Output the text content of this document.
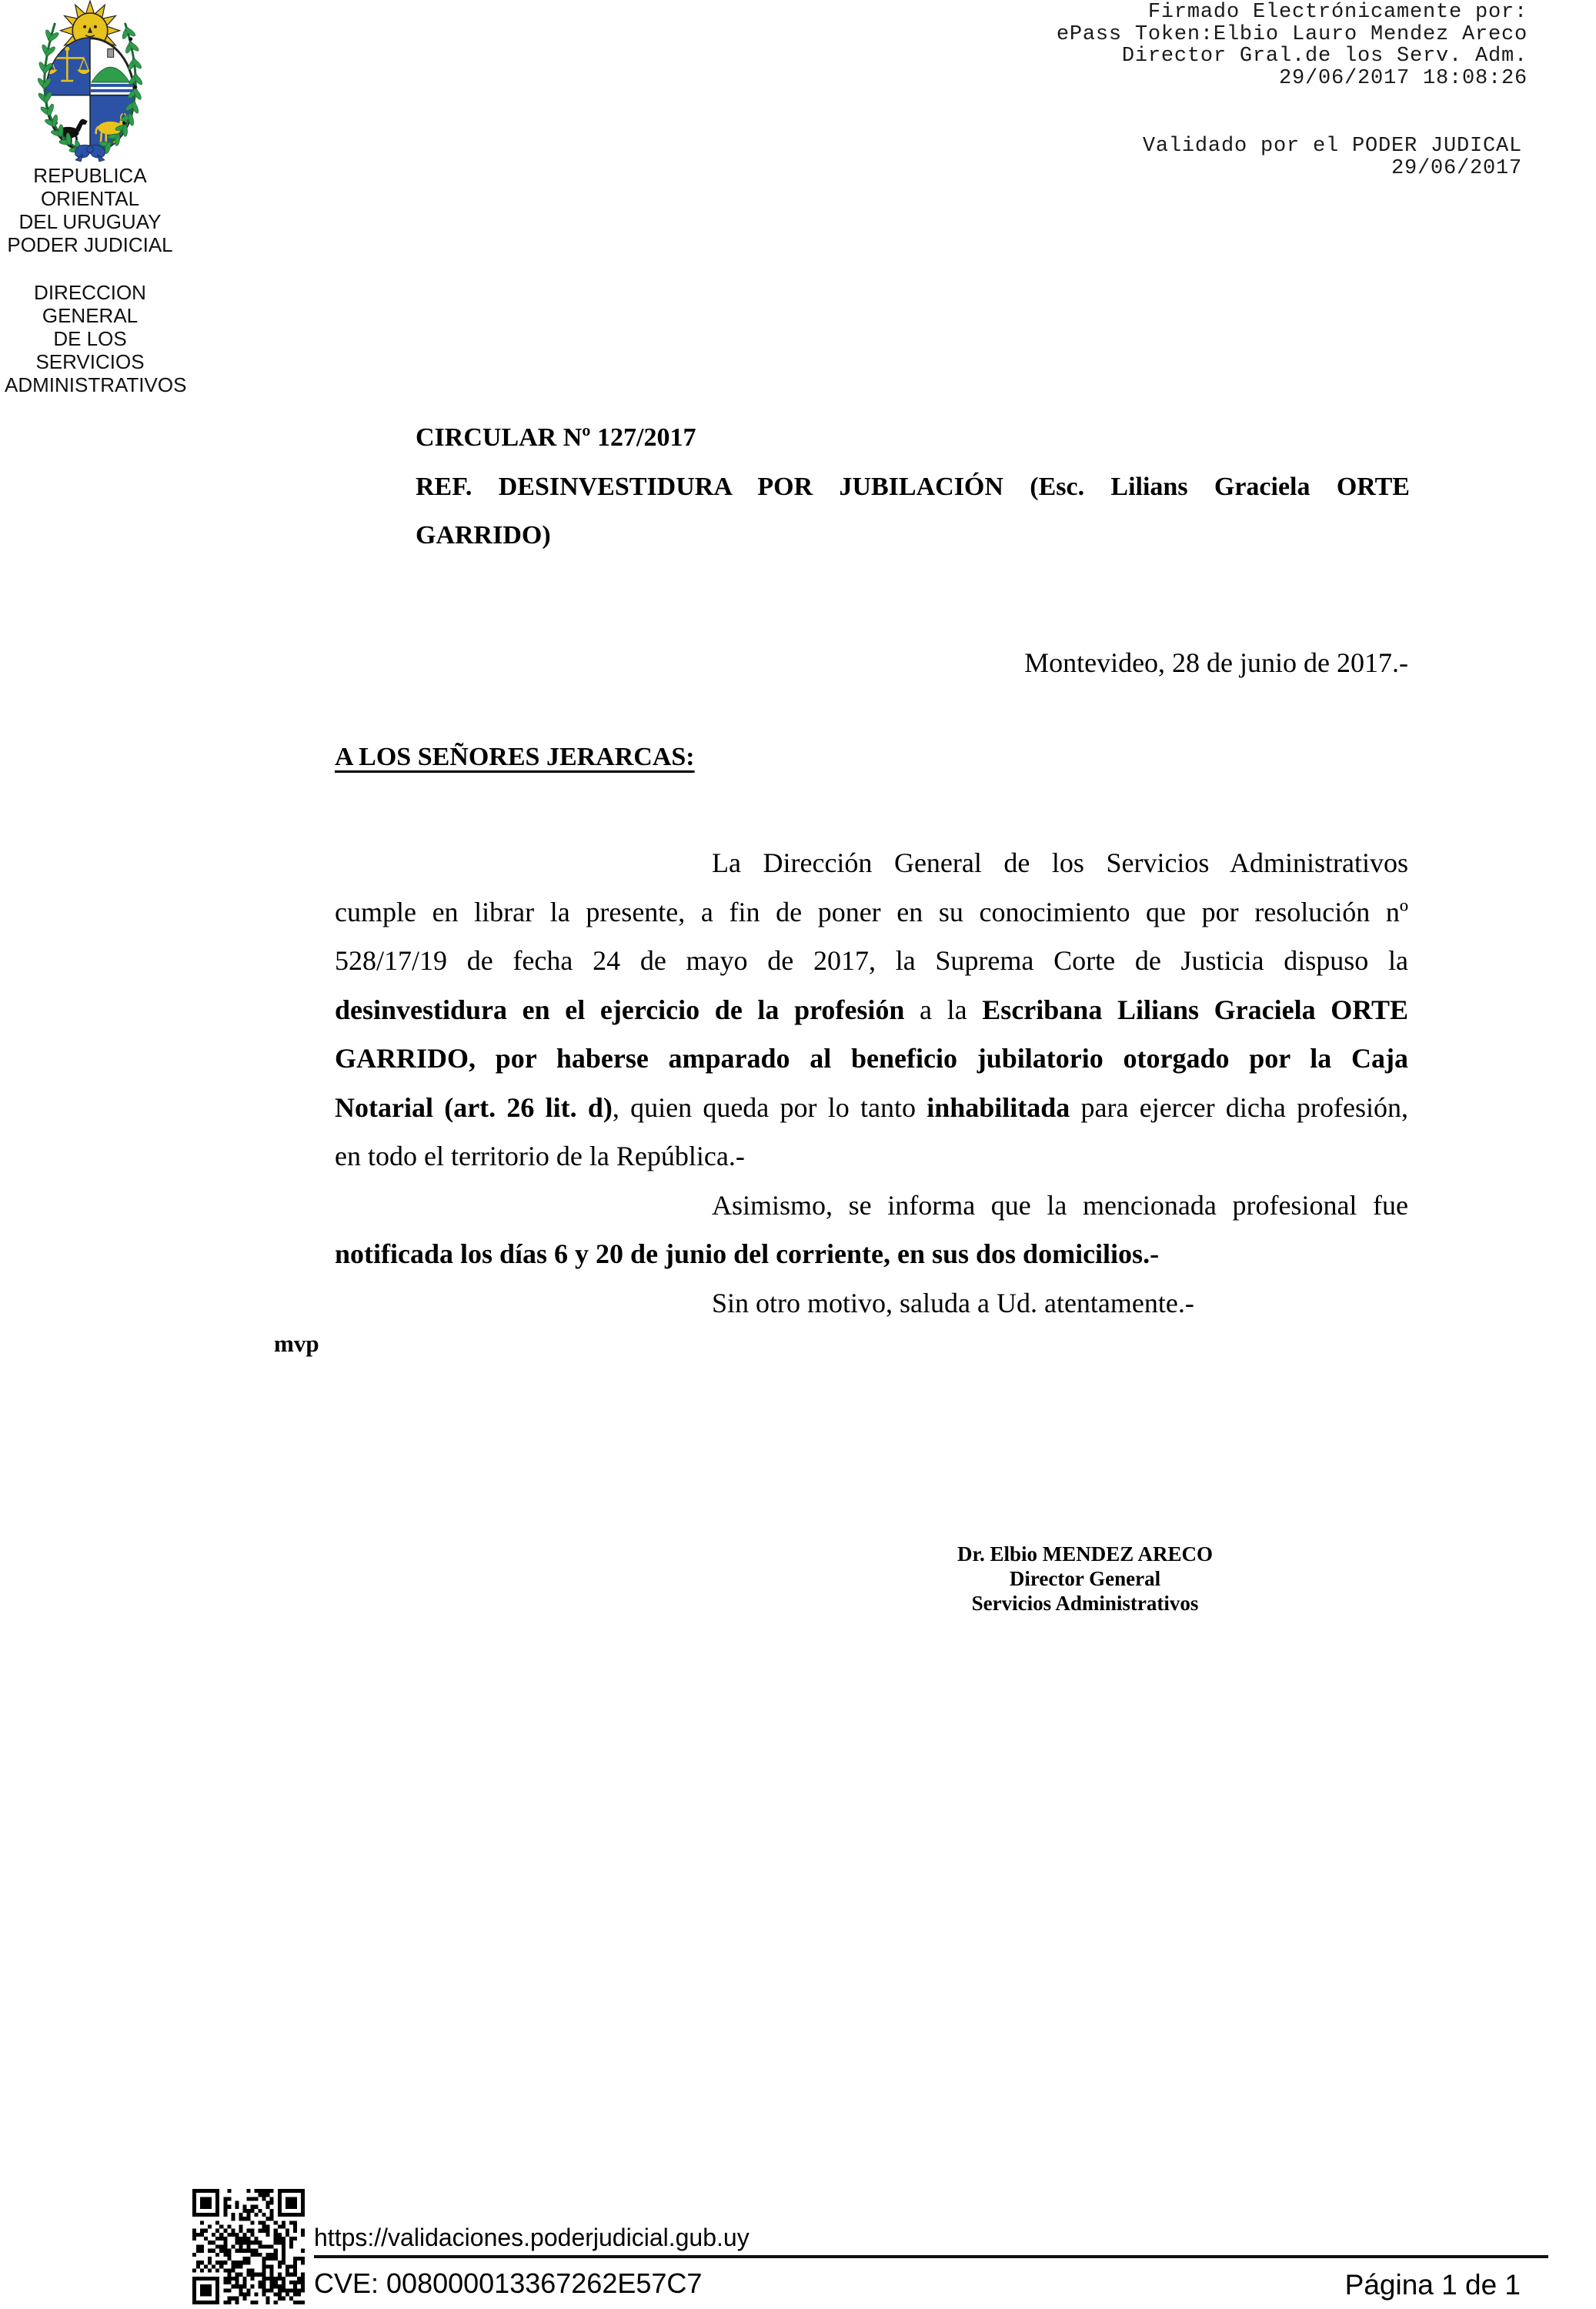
Firmado Electrónicamente por:
ePass Token:Elbio Lauro Mendez Areco
Director Gral.de los Serv. Adm.
29/06/2017 18:08:26
Validado por el PODER JUDICAL
29/06/2017
REPUBLICA ORIENTAL
DEL URUGUAY
PODER JUDICIAL
DIRECCION GENERAL
DE LOS SERVICIOS
ADMINISTRATIVOS
CIRCULAR Nº 127/2017
REF. DESINVESTIDURA POR JUBILACIÓN (Esc. Lilians Graciela ORTE
GARRIDO)
Montevideo, 28 de junio de 2017.-
A LOS SEÑORES JERARCAS:
La Dirección General de los Servicios Administrativos
cumple en librar la presente, a fin de poner en su conocimiento que por resolución nº
528/17/19 de fecha 24 de mayo de 2017, la Suprema Corte de Justicia dispuso la
desinvestidura en el ejercicio de la profesión a la Escribana Lilians Graciela ORTE
GARRIDO, por haberse amparado al beneficio jubilatorio otorgado por la Caja
Notarial (art. 26 lit. d), quien queda por lo tanto inhabilitada para ejercer dicha profesión,
en todo el territorio de la República.-
Asimismo, se informa que la mencionada profesional fue
notificada los días 6 y 20 de junio del corriente, en sus dos domicilios.-
Sin otro motivo, saluda a Ud. atentamente.-
mvp
Dr. Elbio MENDEZ ARECO
Director General
Servicios Administrativos
https://validaciones.poderjudicial.gub.uy
CVE: 008000013367262E57C7	Página 1 de 1
